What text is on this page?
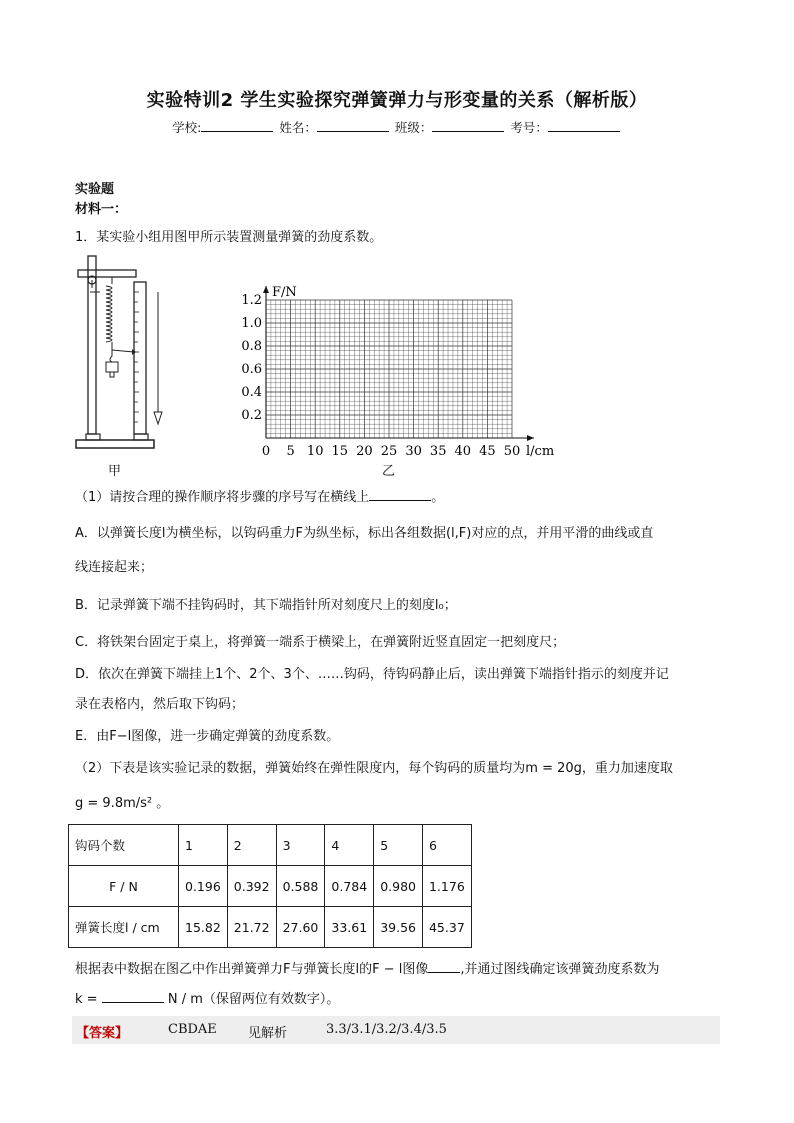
实验特训2 学生实验探究弹簧弹力与形变量的关系（解析版）
学校:	姓名：	班级：	考号：
实验题
材料一：
1．某实验小组用图甲所示装置测量弹簧的劲度系数。
甲
0 5 10 15 20 25 30 35 40 45 50
0.2
0.4
0.6
0.8
1.0
1.2
l/cm
F/N
乙
（1）请按合理的操作顺序将步骤的序号写在横线上	。
A．以弹簧长度l为横坐标，以钩码重力F为纵坐标，标出各组数据(l,F)对应的点，并用平滑的曲线或直
线连接起来；
B．记录弹簧下端不挂钩码时，其下端指针所对刻度尺上的刻度l₀；
C．将铁架台固定于桌上，将弹簧一端系于横梁上，在弹簧附近竖直固定一把刻度尺；
D．依次在弹簧下端挂上1个、2个、3个、……钩码，待钩码静止后，读出弹簧下端指针指示的刻度并记
录在表格内，然后取下钩码；
E．由F−l图像，进一步确定弹簧的劲度系数。
（2）下表是该实验记录的数据，弹簧始终在弹性限度内，每个钩码的质量均为m = 20g，重力加速度取
g = 9.8m/s² 。
钩码个数	1	2	3	4	5	6
F / N	0.196	0.392	0.588	0.784	0.980	1.176
弹簧长度l / cm	15.82	21.72	27.60	33.61	39.56	45.37
根据表中数据在图乙中作出弹簧弹力F与弹簧长度l的F − l图像 ,并通过图线确定该弹簧劲度系数为
k =	N / m（保留两位有效数字）。
【答案】	CBDAE 见解析	3.3/3.1/3.2/3.4/3.5
